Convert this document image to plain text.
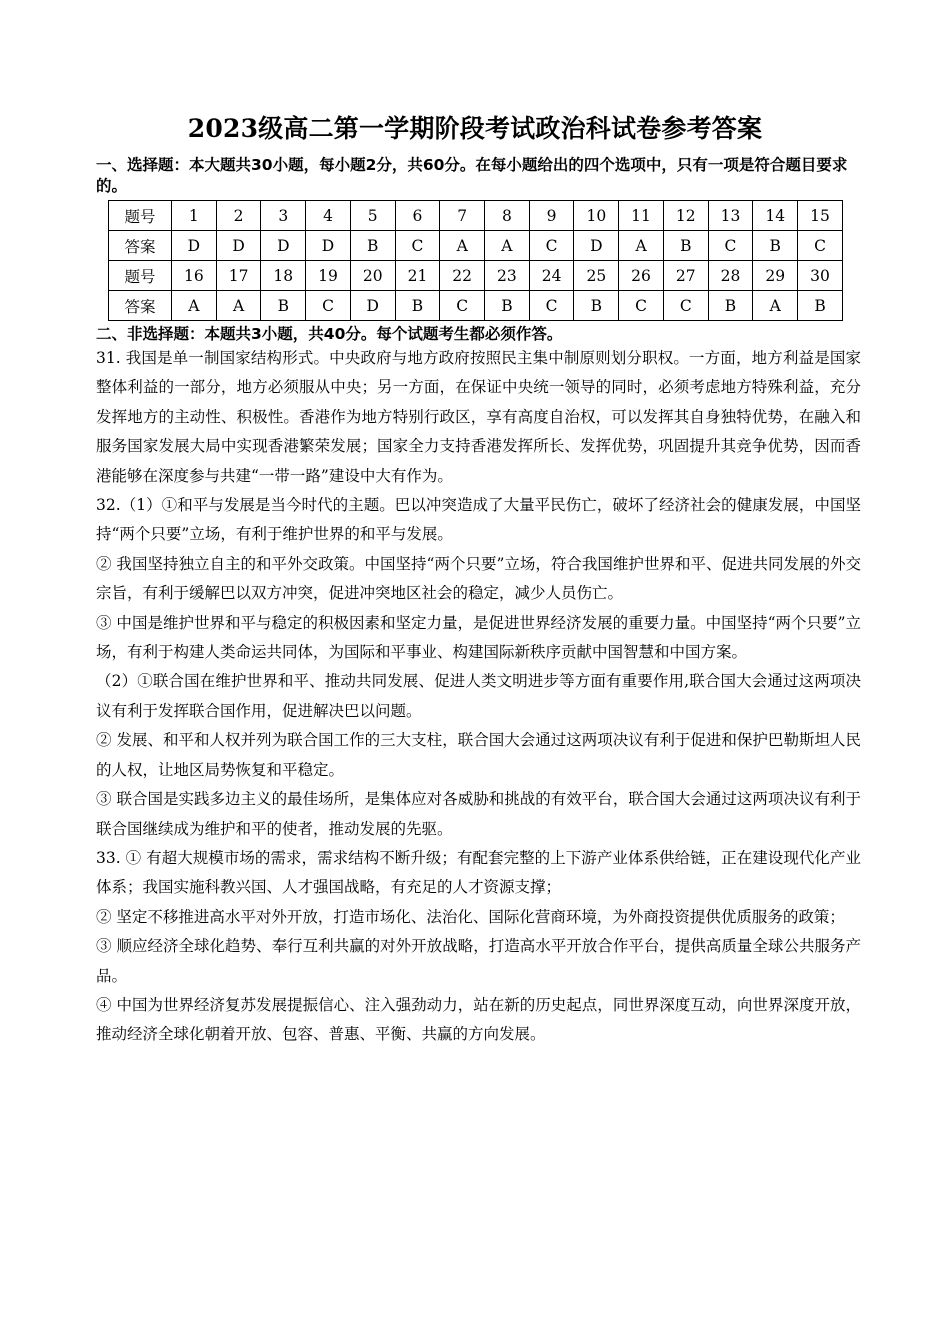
2023级高二第一学期阶段考试政治科试卷参考答案
一、选择题：本大题共30小题，每小题2分，共60分。在每小题给出的四个选项中，只有一项是符合题目要求的。
题号	1	2	3	4	5	6	7	8	9	10	11	12	13	14	15
答案	D	D	D	D	B	C	A	A	C	D	A	B	C	B	C
题号	16	17	18	19	20	21	22	23	24	25	26	27	28	29	30
答案	A	A	B	C	D	B	C	B	C	B	C	C	B	A	B
二、非选择题：本题共3小题，共40分。每个试题考生都必须作答。

31. 我国是单一制国家结构形式。中央政府与地方政府按照民主集中制原则划分职权。一方面，地方利益是国家整体利益的一部分，地方必须服从中央；另一方面，在保证中央统一领导的同时，必须考虑地方特殊利益，充分发挥地方的主动性、积极性。香港作为地方特别行政区，享有高度自治权，可以发挥其自身独特优势，在融入和服务国家发展大局中实现香港繁荣发展；国家全力支持香港发挥所长、发挥优势，巩固提升其竞争优势，因而香港能够在深度参与共建“一带一路”建设中大有作为。

32.（1）①和平与发展是当今时代的主题。巴以冲突造成了大量平民伤亡，破坏了经济社会的健康发展，中国坚持“两个只要”立场，有利于维护世界的和平与发展。

② 我国坚持独立自主的和平外交政策。中国坚持“两个只要”立场，符合我国维护世界和平、促进共同发展的外交宗旨，有利于缓解巴以双方冲突，促进冲突地区社会的稳定，减少人员伤亡。

③ 中国是维护世界和平与稳定的积极因素和坚定力量，是促进世界经济发展的重要力量。中国坚持“两个只要”立场，有利于构建人类命运共同体，为国际和平事业、构建国际新秩序贡献中国智慧和中国方案。

（2）①联合国在维护世界和平、推动共同发展、促进人类文明进步等方面有重要作用,联合国大会通过这两项决议有利于发挥联合国作用，促进解决巴以问题。

② 发展、和平和人权并列为联合国工作的三大支柱，联合国大会通过这两项决议有利于促进和保护巴勒斯坦人民的人权，让地区局势恢复和平稳定。

③ 联合国是实践多边主义的最佳场所，是集体应对各威胁和挑战的有效平台，联合国大会通过这两项决议有利于联合国继续成为维护和平的使者，推动发展的先驱。

33. ① 有超大规模市场的需求，需求结构不断升级；有配套完整的上下游产业体系供给链，正在建设现代化产业体系；我国实施科教兴国、人才强国战略，有充足的人才资源支撑；

② 坚定不移推进高水平对外开放，打造市场化、法治化、国际化营商环境，为外商投资提供优质服务的政策；

③ 顺应经济全球化趋势、奉行互利共赢的对外开放战略，打造高水平开放合作平台，提供高质量全球公共服务产品。

④ 中国为世界经济复苏发展提振信心、注入强劲动力，站在新的历史起点，同世界深度互动，向世界深度开放，推动经济全球化朝着开放、包容、普惠、平衡、共赢的方向发展。
